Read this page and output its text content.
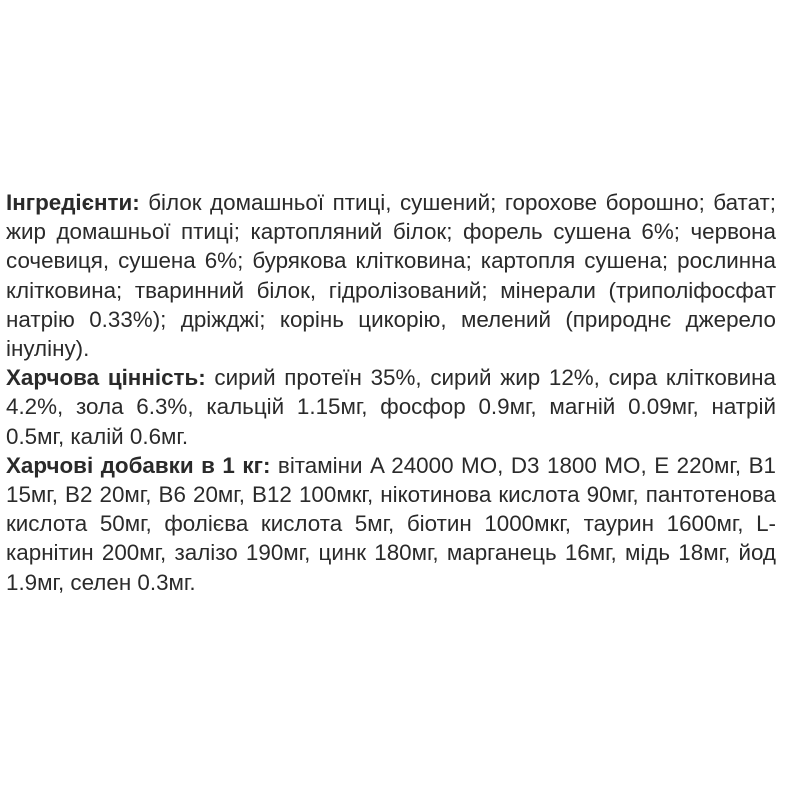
Інгредієнти: білок домашньої птиці, сушений; горохове борошно; батат; жир домашньої птиці; картопляний білок; форель сушена 6%; червона сочевиця, сушена 6%; бурякова клітковина; картопля сушена; рослинна клітковина; тваринний білок, гідролізований; мінерали (триполіфосфат натрію 0.33%); дріжджі; корінь цикорію, мелений (природнє джерело інуліну).

Харчова цінність: сирий протеїн 35%, сирий жир 12%, сира клітковина 4.2%, зола 6.3%, кальцій 1.15мг, фосфор 0.9мг, магній 0.09мг, натрій 0.5мг, калій 0.6мг.

Харчові добавки в 1 кг: вітаміни A 24000 МО, D3 1800 МО, E 220мг, B1 15мг, B2 20мг, B6 20мг, B12 100мкг, нікотинова кислота 90мг, пантотенова кислота 50мг, фолієва кислота 5мг, біотин 1000мкг, таурин 1600мг, L-карнітин 200мг, залізо 190мг, цинк 180мг, марганець 16мг, мідь 18мг, йод 1.9мг, селен 0.3мг.
